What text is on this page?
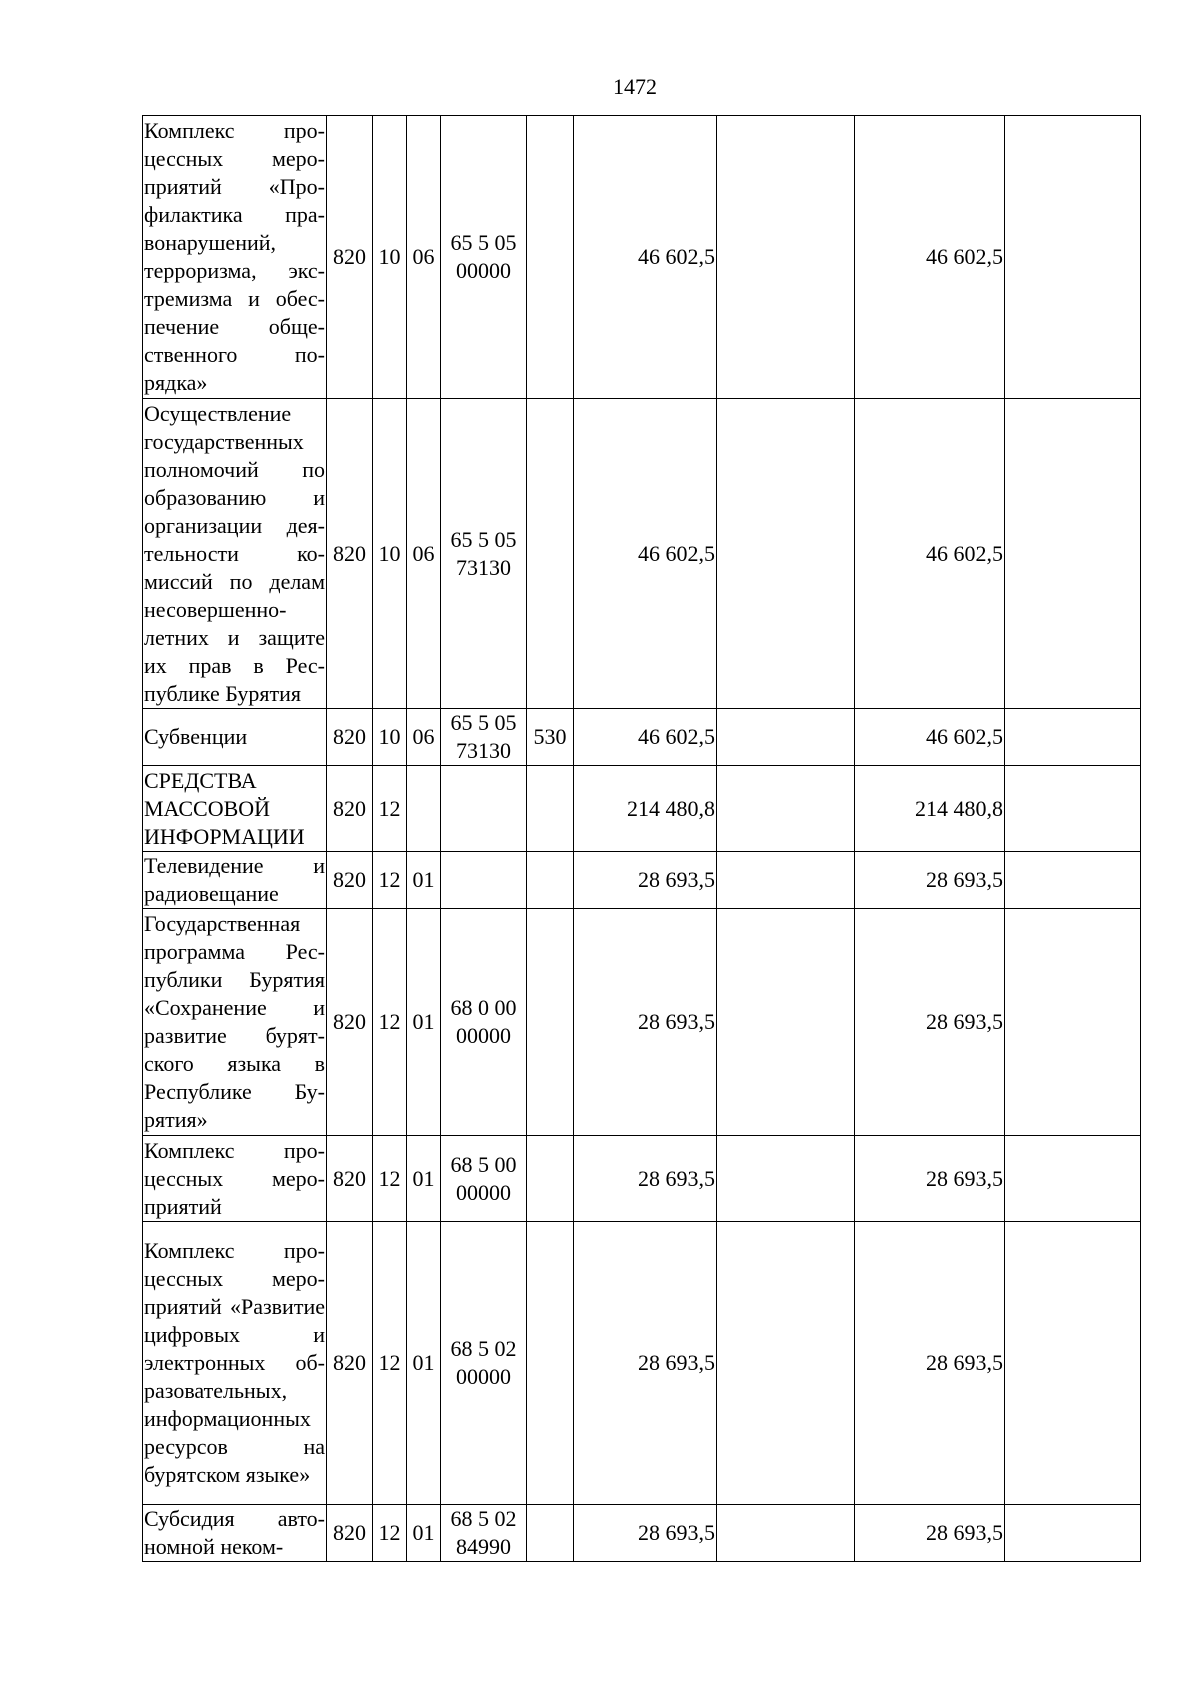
1472
Комплекс процессных мероприятий «Профилактика правонарушений, терроризма, экстремизма и обеспечение общественного порядка»	820	10	06	65 5 05 00000		46 602,5		46 602,5	
Осуществление государственных полномочий по образованию и организации деятельности комиссий по делам несовершеннолетних и защите их прав в Республике Бурятия	820	10	06	65 5 05 73130		46 602,5		46 602,5	
Субвенции	820	10	06	65 5 05 73130	530	46 602,5		46 602,5	
СРЕДСТВА МАССОВОЙ ИНФОРМАЦИИ	820	12				214 480,8		214 480,8	
Телевидение и радиовещание	820	12	01			28 693,5		28 693,5	
Государственная программа Республики Бурятия «Сохранение и развитие бурятского языка в Республике Бурятия»	820	12	01	68 0 00 00000		28 693,5		28 693,5	
Комплекс процессных мероприятий	820	12	01	68 5 00 00000		28 693,5		28 693,5	
Комплекс процессных мероприятий «Развитие цифровых и электронных образовательных, информационных ресурсов на бурятском языке»	820	12	01	68 5 02 00000		28 693,5		28 693,5	
Субсидия автономной неком-	820	12	01	68 5 02 84990		28 693,5		28 693,5	
